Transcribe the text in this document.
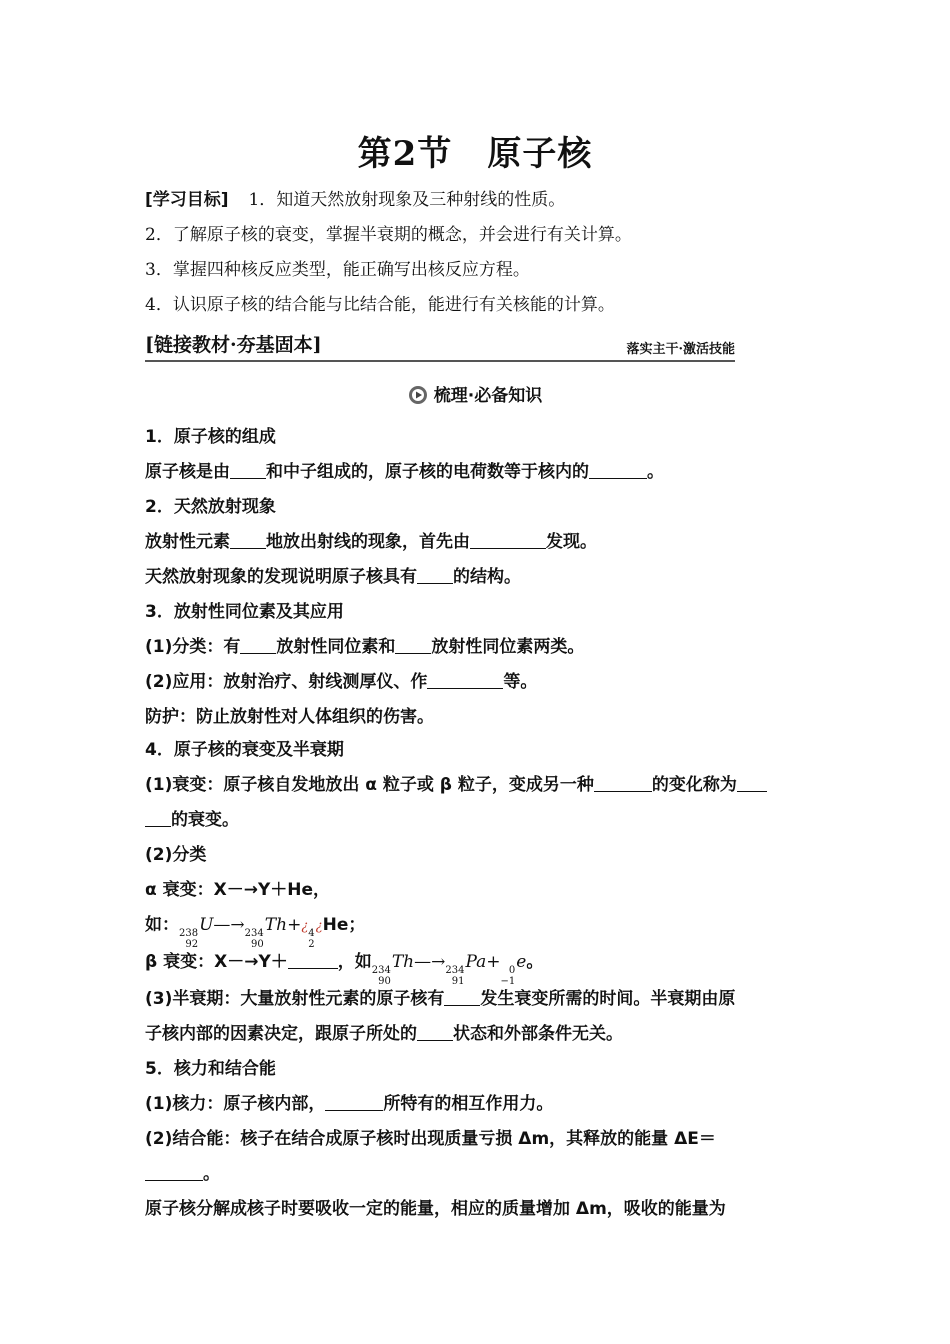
第2节　原子核
[学习目标] 1．知道天然放射现象及三种射线的性质。
2．了解原子核的衰变，掌握半衰期的概念，并会进行有关计算。
3．掌握四种核反应类型，能正确写出核反应方程。
4．认识原子核的结合能与比结合能，能进行有关核能的计算。
[链接教材·夯基固本]	落实主干·激活技能
梳理·必备知识
1．原子核的组成
原子核是由 和中子组成的，原子核的电荷数等于核内的	。
2．天然放射现象
放射性元素 地放出射线的现象，首先由	发现。
天然放射现象的发现说明原子核具有 的结构。
3．放射性同位素及其应用
(1)分类：有 放射性同位素和 放射性同位素两类。
(2)应用：放射治疗、射线测厚仪、作	等。
防护：防止放射性对人体组织的伤害。
4．原子核的衰变及半衰期
(1)衰变：原子核自发地放出 α 粒子或 β 粒子，变成另一种	的变化称为
的衰变。
(2)分类
α 衰变：X－→Y＋He，
如： 238
92
U—→ 234
90
Th+¿ 4
2
¿He；
β 衰变：X－→Y＋	，如 234
90
Th—→ 234
91
Pa+ 0
−1
e。
(3)半衰期：大量放射性元素的原子核有 发生衰变所需的时间。半衰期由原
子核内部的因素决定，跟原子所处的 状态和外部条件无关。
5．核力和结合能
(1)核力：原子核内部，	所特有的相互作用力。
(2)结合能：核子在结合成原子核时出现质量亏损 Δm，其释放的能量 ΔE＝
。
原子核分解成核子时要吸收一定的能量，相应的质量增加 Δm，吸收的能量为
